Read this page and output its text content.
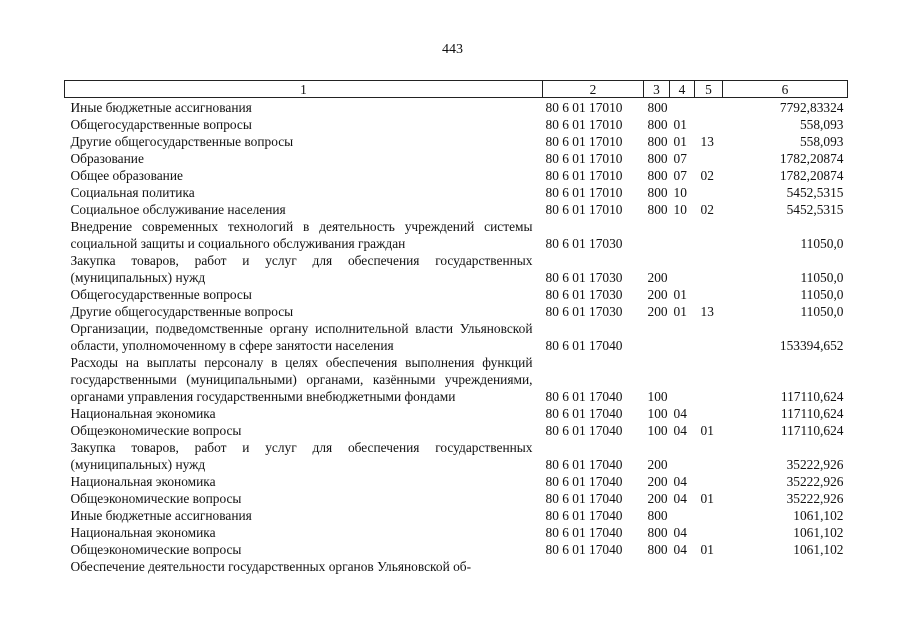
443
1	2	3	4	5	6
Иные бюджетные ассигнования	80 6 01 17010	800			7792,83324
Общегосударственные вопросы	80 6 01 17010	800	01		558,093
Другие общегосударственные вопросы	80 6 01 17010	800	01	13	558,093
Образование	80 6 01 17010	800	07		1782,20874
Общее образование	80 6 01 17010	800	07	02	1782,20874
Социальная политика	80 6 01 17010	800	10		5452,5315
Социальное обслуживание населения	80 6 01 17010	800	10	02	5452,5315
Внедрение современных технологий в деятельность учреждений системы социальной защиты и социального обслуживания граждан	80 6 01 17030				11050,0
Закупка товаров, работ и услуг для обеспечения государственных (муниципальных) нужд	80 6 01 17030	200			11050,0
Общегосударственные вопросы	80 6 01 17030	200	01		11050,0
Другие общегосударственные вопросы	80 6 01 17030	200	01	13	11050,0
Организации, подведомственные органу исполнительной власти Ульяновской области, уполномоченному в сфере занятости населения	80 6 01 17040				153394,652
Расходы на выплаты персоналу в целях обеспечения выполнения функций государственными (муниципальными) органами, казёнными учреждениями, органами управления государственными внебюджетными фондами	80 6 01 17040	100			117110,624
Национальная экономика	80 6 01 17040	100	04		117110,624
Общеэкономические вопросы	80 6 01 17040	100	04	01	117110,624
Закупка товаров, работ и услуг для обеспечения государственных (муниципальных) нужд	80 6 01 17040	200			35222,926
Национальная экономика	80 6 01 17040	200	04		35222,926
Общеэкономические вопросы	80 6 01 17040	200	04	01	35222,926
Иные бюджетные ассигнования	80 6 01 17040	800			1061,102
Национальная экономика	80 6 01 17040	800	04		1061,102
Общеэкономические вопросы	80 6 01 17040	800	04	01	1061,102
Обеспечение деятельности государственных органов Ульяновской об-					
